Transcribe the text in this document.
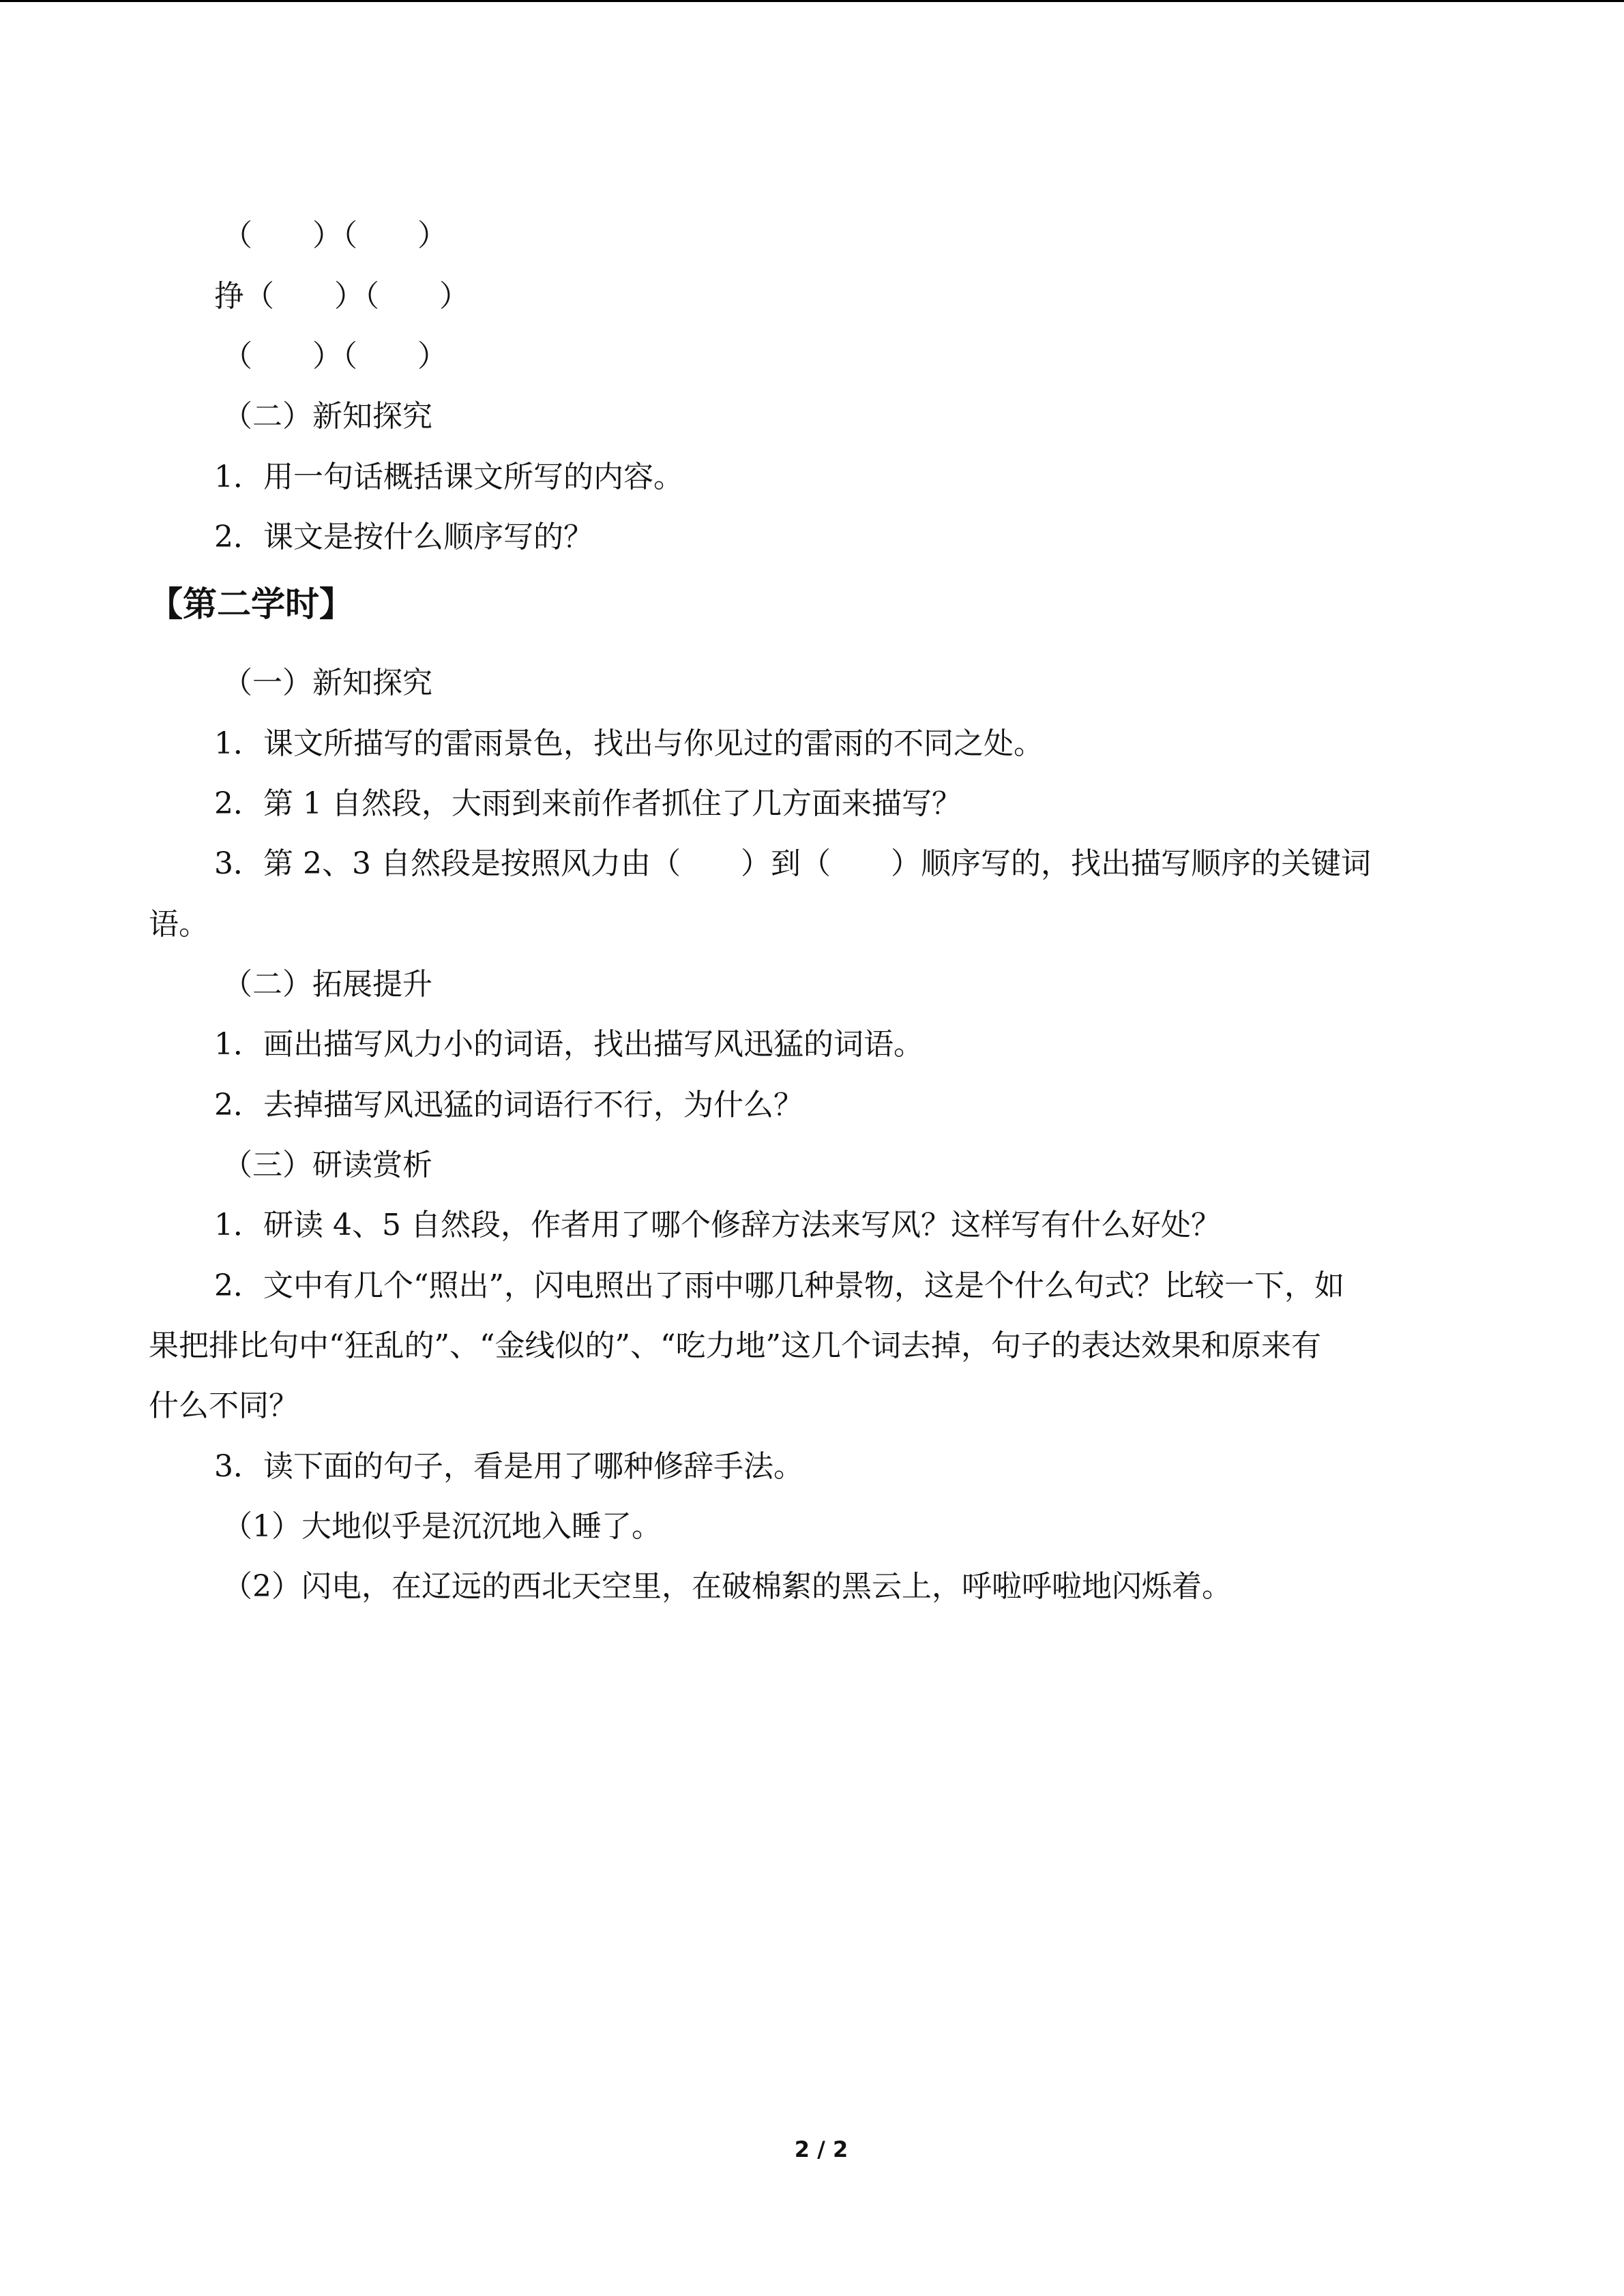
（　　）（　　）
挣（　　）（　　）
（　　）（　　）
（二）新知探究
1．用一句话概括课文所写的内容。
2．课文是按什么顺序写的？
【第二学时】
（一）新知探究
1．课文所描写的雷雨景色，找出与你见过的雷雨的不同之处。
2．第 1 自然段，大雨到来前作者抓住了几方面来描写？
3．第 2、3 自然段是按照风力由（　　）到（　　）顺序写的，找出描写顺序的关键词
语。
（二）拓展提升
1．画出描写风力小的词语，找出描写风迅猛的词语。
2．去掉描写风迅猛的词语行不行，为什么？
（三）研读赏析
1．研读 4、5 自然段，作者用了哪个修辞方法来写风？这样写有什么好处？
2．文中有几个“照出”，闪电照出了雨中哪几种景物，这是个什么句式？比较一下，如
果把排比句中“狂乱的”、“金线似的”、“吃力地”这几个词去掉，句子的表达效果和原来有
什么不同？
3．读下面的句子，看是用了哪种修辞手法。
（1）大地似乎是沉沉地入睡了。
（2）闪电，在辽远的西北天空里，在破棉絮的黑云上，呼啦呼啦地闪烁着。
2 / 2
